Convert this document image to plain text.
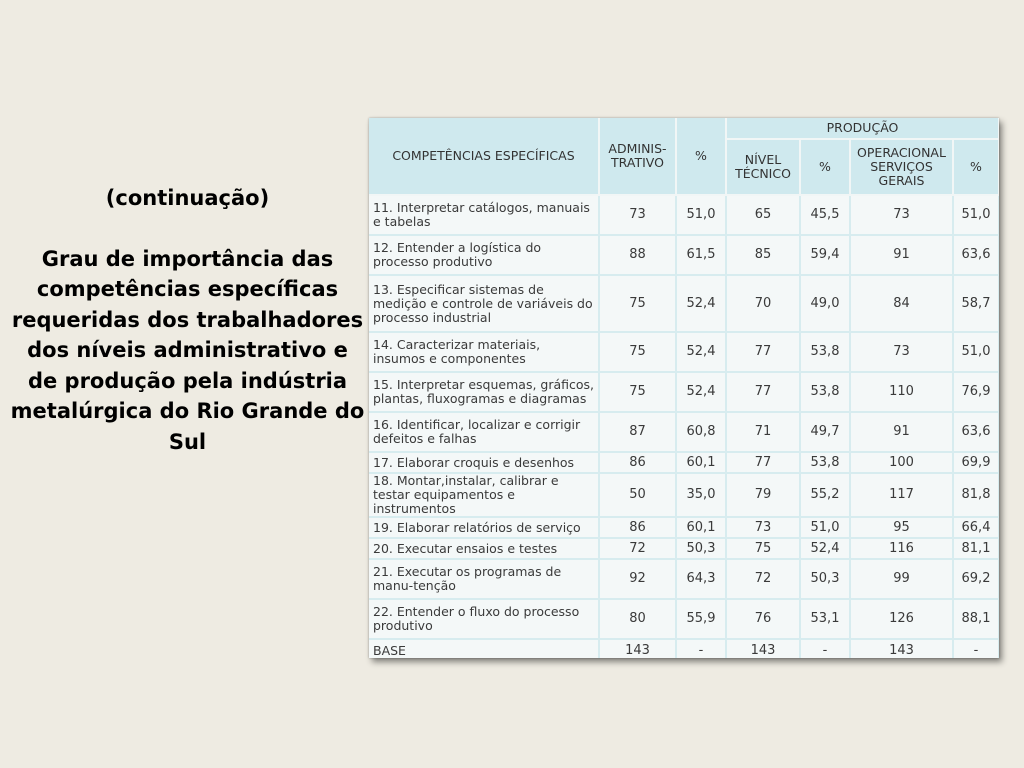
(continuação)
Grau de importância das competências específicas requeridas dos trabalhadores dos níveis administrativo e de produção pela indústria metalúrgica do Rio Grande do Sul
COMPETÊNCIAS ESPECÍFICAS	ADMINIS-TRATIVO	%	PRODUÇÃO			
			NÍVEL TÉCNICO	%	OPERACIONAL SERVIÇOS GERAIS	%
11. Interpretar catálogos, manuais e tabelas	73	51,0	65	45,5	73	51,0
12. Entender a logística do processo produtivo	88	61,5	85	59,4	91	63,6
13. Especificar sistemas de medição e controle de variáveis do processo industrial	75	52,4	70	49,0	84	58,7
14. Caracterizar materiais, insumos e componentes	75	52,4	77	53,8	73	51,0
15. Interpretar esquemas, gráficos, plantas, fluxogramas e diagramas	75	52,4	77	53,8	110	76,9
16. Identificar, localizar e corrigir defeitos e falhas	87	60,8	71	49,7	91	63,6
17. Elaborar croquis e desenhos	86	60,1	77	53,8	100	69,9
18. Montar,instalar, calibrar e testar equipamentos e instrumentos	50	35,0	79	55,2	117	81,8
19. Elaborar relatórios de serviço	86	60,1	73	51,0	95	66,4
20. Executar ensaios e testes	72	50,3	75	52,4	116	81,1
21. Executar os programas de manu-tenção	92	64,3	72	50,3	99	69,2
22. Entender o fluxo do processo produtivo	80	55,9	76	53,1	126	88,1
BASE	143	-	143	-	143	-
